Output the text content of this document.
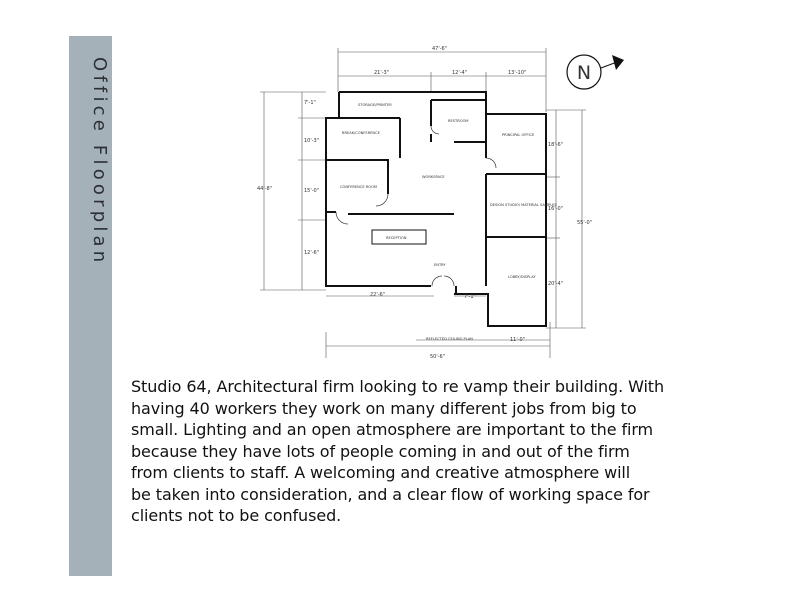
Office Floorplan	STORAGE/PRINTER
BREAK/CONFERENCE
RESTROOM
PRINCIPAL OFFICE
WORKSPACE
CONFERENCE ROOM
DESIGN STUDIO/ MATERIAL SAMPLES
RECEPTION
ENTRY
LOBBY/DISPLAY
REFLECTED CEILING PLAN
47'-6"
21'-3"	12'-4"	13'-10"
7'-1"
10'-3"
15'-0"
12'-6"
44'-8"
18'-6"
16'-0"
20'-4"
55'-0"
22'-6"	7'-1"
11'-0"
50'-6"
N

Studio 64, Architectural firm looking to re vamp their building. With
having 40 workers they work on many different jobs from big to
small. Lighting and an open atmosphere are important to the firm
because they have lots of people coming in and out of the firm
from clients to staff. A welcoming and creative atmosphere will
be taken into consideration, and a clear flow of working space for
clients not to be confused.
